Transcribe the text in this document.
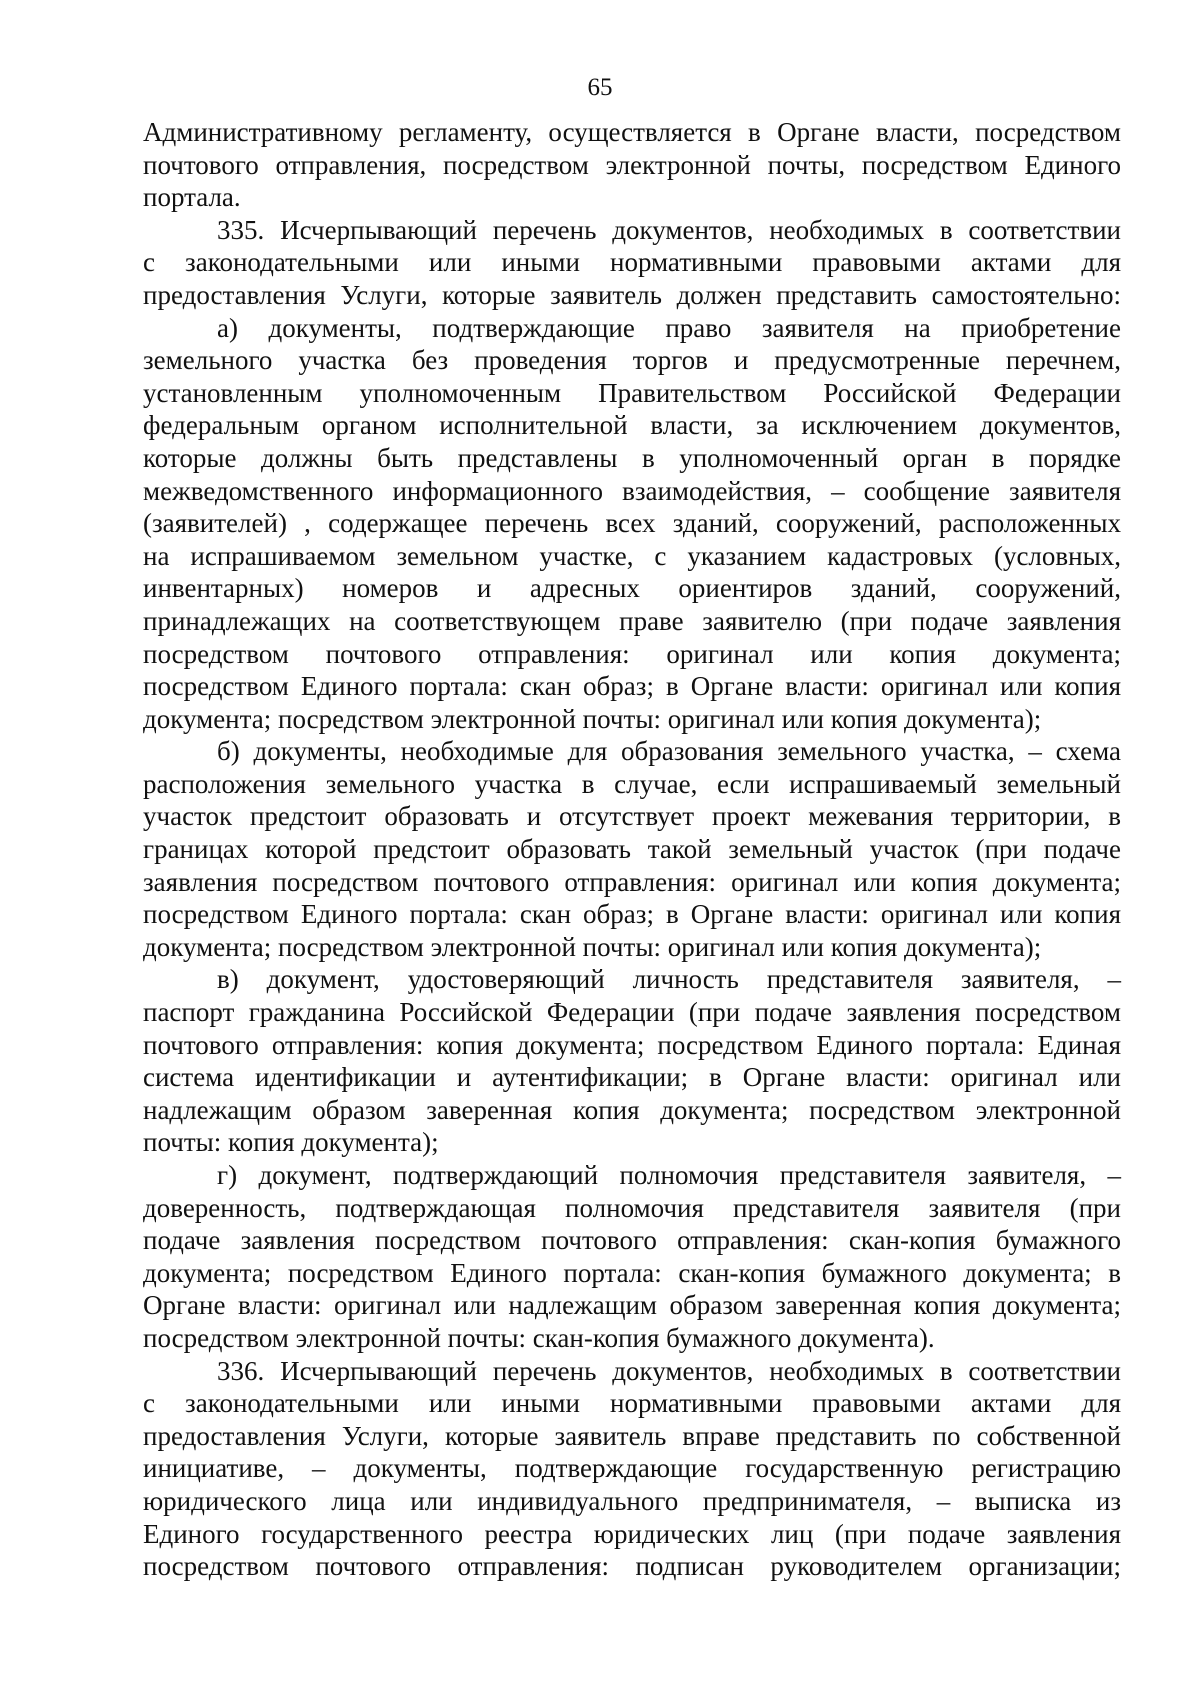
65
Административному регламенту, осуществляется в Органе власти, посредством
почтового отправления, посредством электронной почты, посредством Единого
портала.
335. Исчерпывающий перечень документов, необходимых в соответствии
с законодательными или иными нормативными правовыми актами для
предоставления Услуги, которые заявитель должен представить самостоятельно:
а) документы, подтверждающие право заявителя на приобретение
земельного участка без проведения торгов и предусмотренные перечнем,
установленным уполномоченным Правительством Российской Федерации
федеральным органом исполнительной власти, за исключением документов,
которые должны быть представлены в уполномоченный орган в порядке
межведомственного информационного взаимодействия, – сообщение заявителя
(заявителей) , содержащее перечень всех зданий, сооружений, расположенных
на испрашиваемом земельном участке, с указанием кадастровых (условных,
инвентарных) номеров и адресных ориентиров зданий, сооружений,
принадлежащих на соответствующем праве заявителю (при подаче заявления
посредством почтового отправления: оригинал или копия документа;
посредством Единого портала: скан образ; в Органе власти: оригинал или копия
документа; посредством электронной почты: оригинал или копия документа);
б) документы, необходимые для образования земельного участка, – схема
расположения земельного участка в случае, если испрашиваемый земельный
участок предстоит образовать и отсутствует проект межевания территории, в
границах которой предстоит образовать такой земельный участок (при подаче
заявления посредством почтового отправления: оригинал или копия документа;
посредством Единого портала: скан образ; в Органе власти: оригинал или копия
документа; посредством электронной почты: оригинал или копия документа);
в) документ, удостоверяющий личность представителя заявителя, –
паспорт гражданина Российской Федерации (при подаче заявления посредством
почтового отправления: копия документа; посредством Единого портала: Единая
система идентификации и аутентификации; в Органе власти: оригинал или
надлежащим образом заверенная копия документа; посредством электронной
почты: копия документа);
г) документ, подтверждающий полномочия представителя заявителя, –
доверенность, подтверждающая полномочия представителя заявителя (при
подаче заявления посредством почтового отправления: скан-копия бумажного
документа; посредством Единого портала: скан-копия бумажного документа; в
Органе власти: оригинал или надлежащим образом заверенная копия документа;
посредством электронной почты: скан-копия бумажного документа).
336. Исчерпывающий перечень документов, необходимых в соответствии
с законодательными или иными нормативными правовыми актами для
предоставления Услуги, которые заявитель вправе представить по собственной
инициативе, – документы, подтверждающие государственную регистрацию
юридического лица или индивидуального предпринимателя, – выписка из
Единого государственного реестра юридических лиц (при подаче заявления
посредством почтового отправления: подписан руководителем организации;
